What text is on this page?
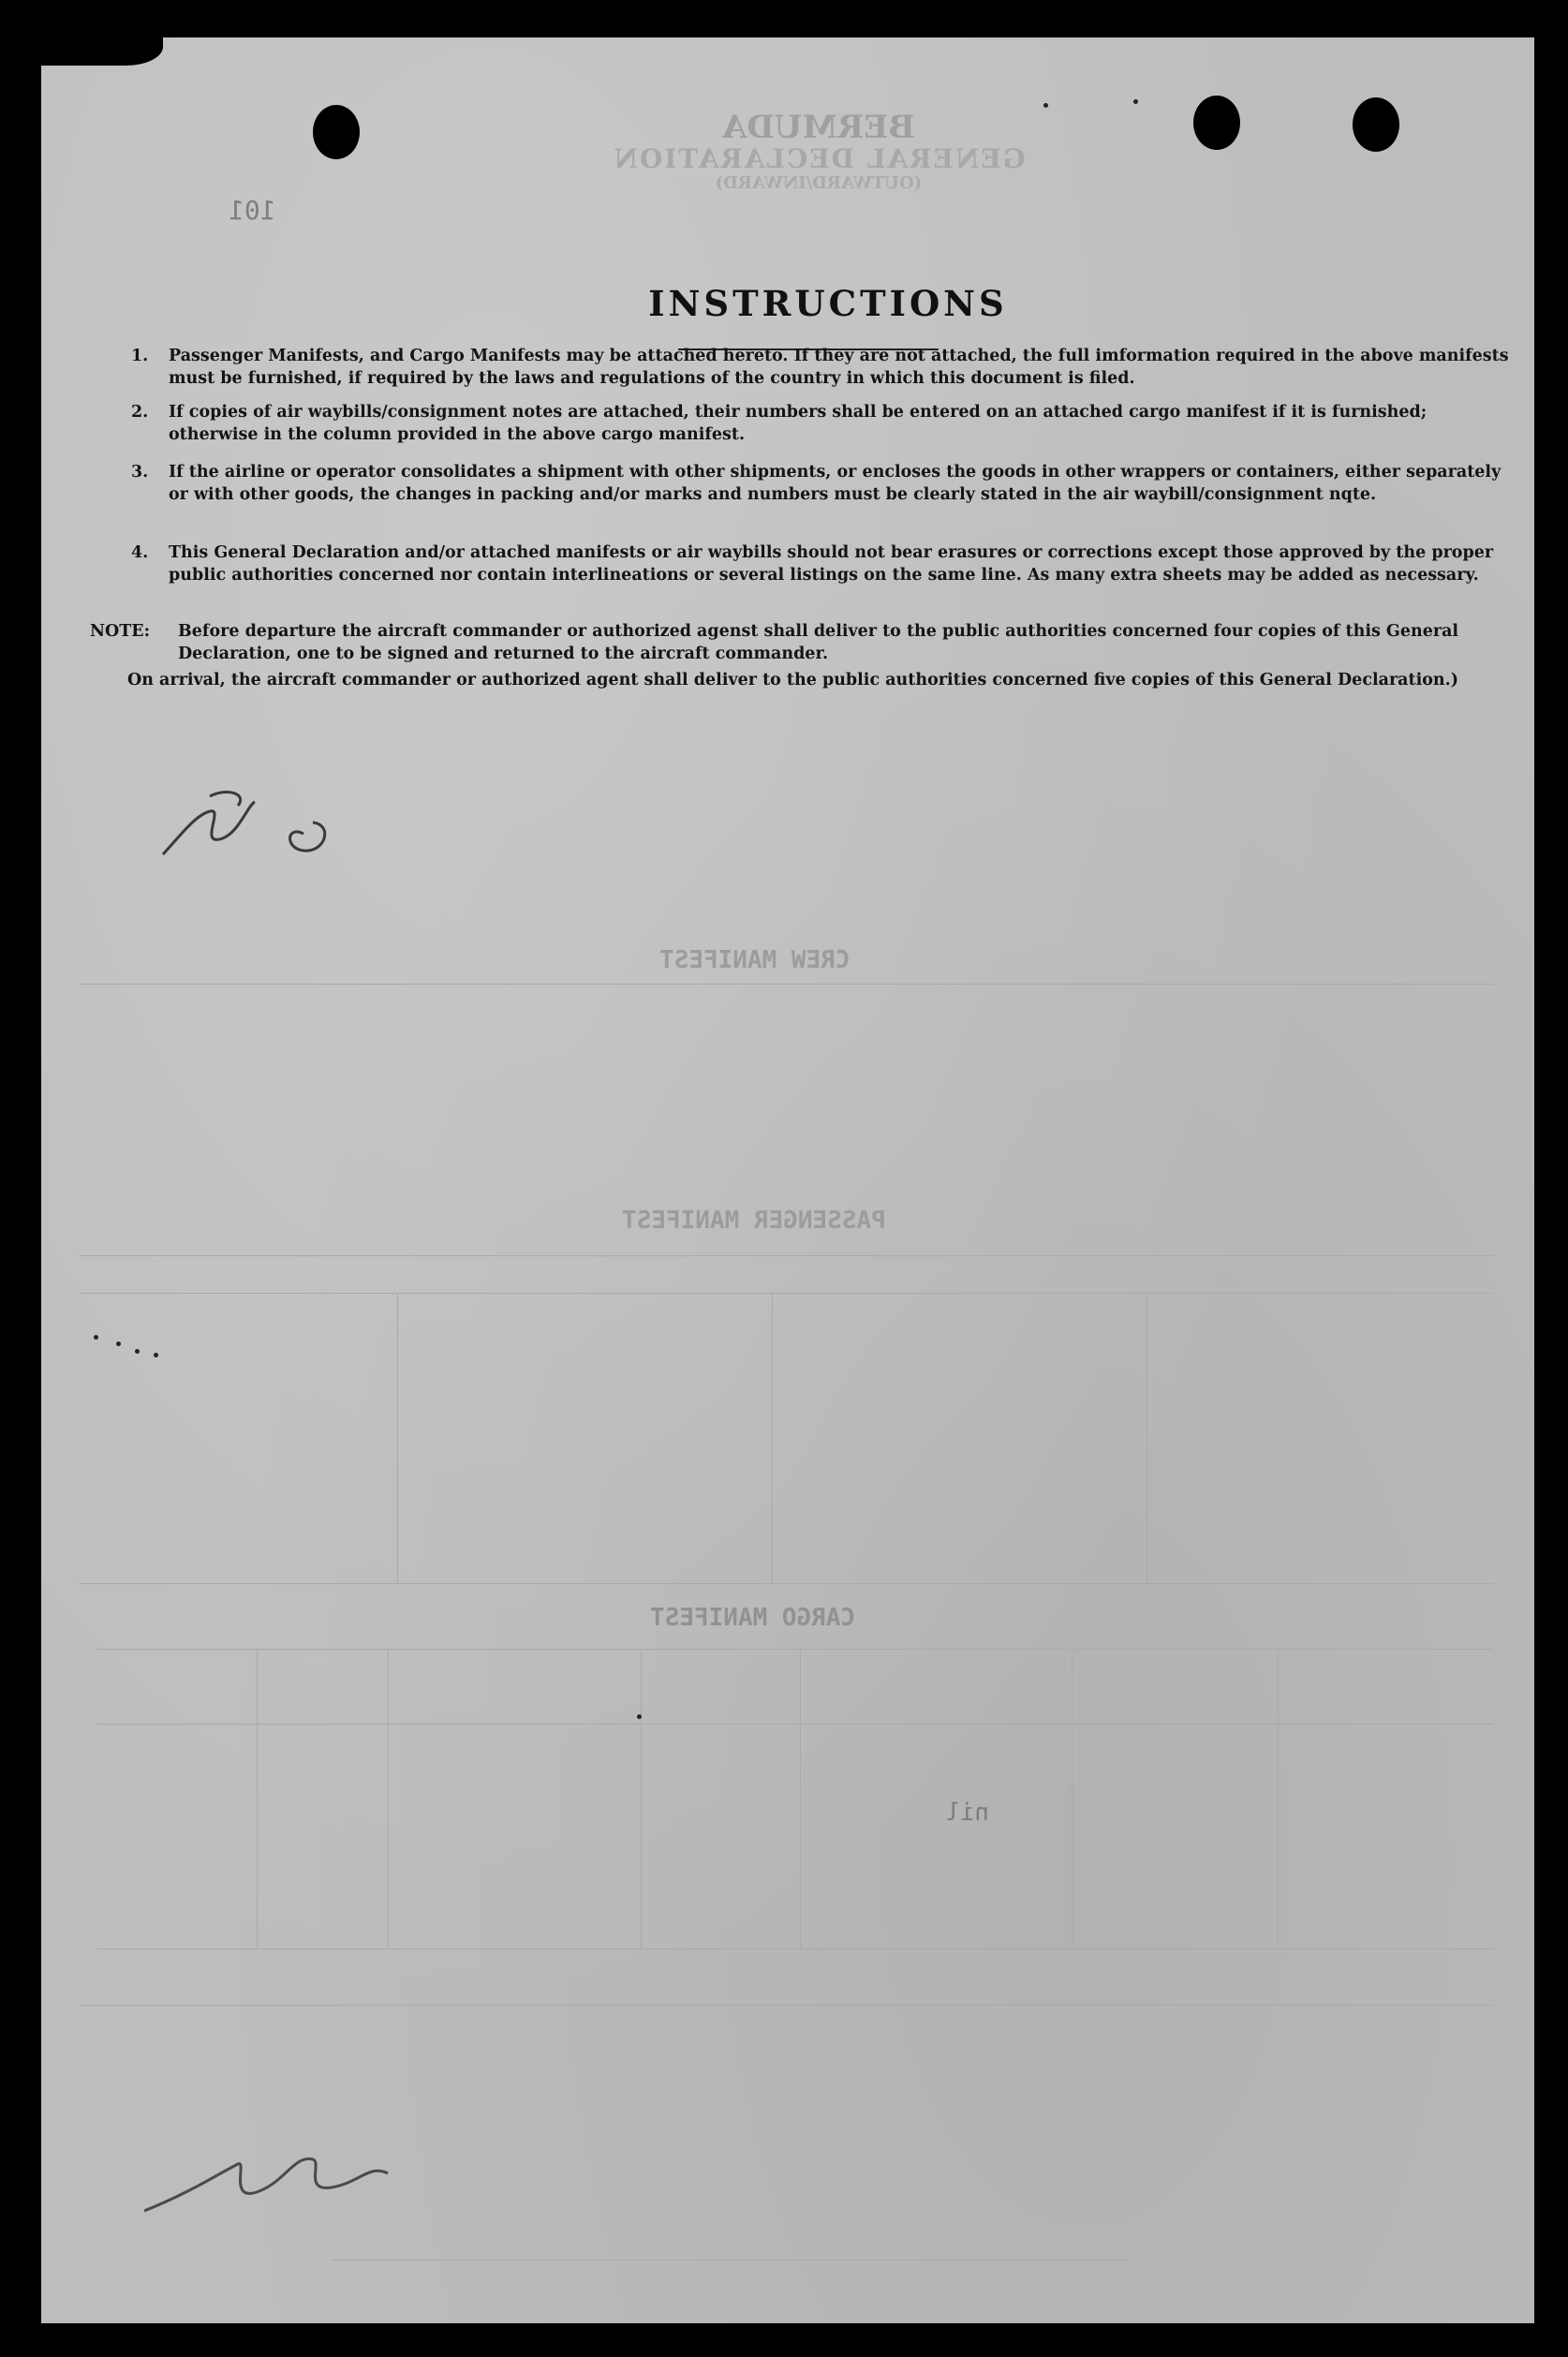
BERMUDA
GENERAL DECLARATION
(OUTWARD/INWARD)
101
CREW MANIFEST
PASSENGER MANIFEST
CARGO MANIFEST
nil
INSTRUCTIONS
1.	Passenger Manifests, and Cargo Manifests may be attached hereto. If they are not attached, the full imformation required in the above manifests must be furnished, if required by the laws and regulations of the country in which this document is filed.
2.	If copies of air waybills/consignment notes are attached, their numbers shall be entered on an attached cargo manifest if it is furnished; otherwise in the column provided in the above cargo manifest.
3.	If the airline or operator consolidates a shipment with other shipments, or encloses the goods in other wrappers or containers, either separately or with other goods, the changes in packing and/or marks and numbers must be clearly stated in the air waybill/consignment nqte.
4.	This General Declaration and/or attached manifests or air waybills should not bear erasures or corrections except those approved by the proper public authorities concerned nor contain interlineations or several listings on the same line. As many extra sheets may be added as necessary.
NOTE: Before departure the aircraft commander or authorized agenst shall deliver to the public authorities concerned four copies of this General Declaration, one to be signed and returned to the aircraft commander.
On arrival, the aircraft commander or authorized agent shall deliver to the public authorities concerned five copies of this General Declaration.)
